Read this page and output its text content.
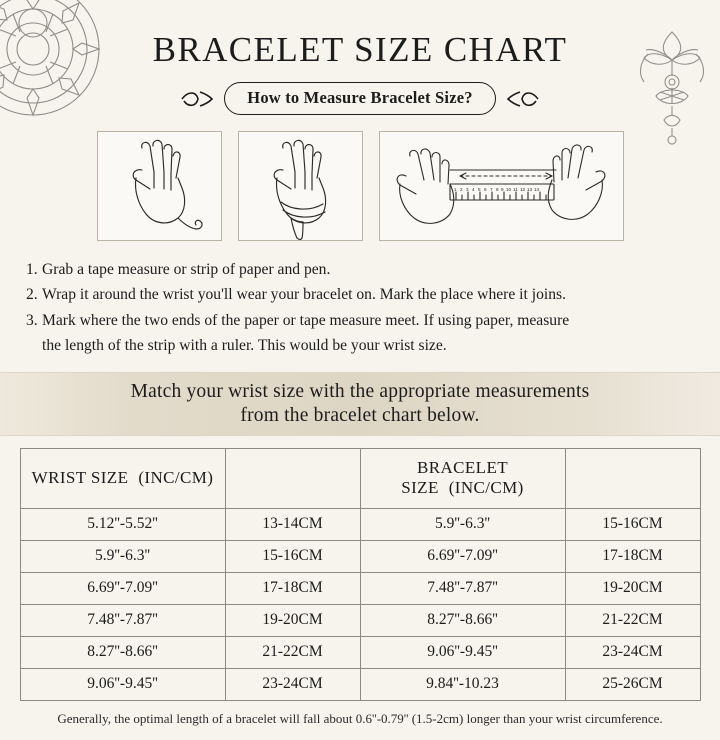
BRACELET SIZE CHART
How to Measure Bracelet Size?
1 2 3 4 5 6 7 8 9 10 11 12 13 14
1. Grab a tape measure or strip of paper and pen.
2. Wrap it around the wrist you'll wear your bracelet on. Mark the place where it joins.
3. Mark where the two ends of the paper or tape measure meet. If using paper, measure
the length of the strip with a ruler. This would be your wrist size.
Match your wrist size with the appropriate measurements
from the bracelet chart below.
WRIST SIZE (INC/CM)		BRACELET SIZE (INC/CM)	
5.12''-5.52''	13-14CM	5.9''-6.3''	15-16CM
5.9''-6.3''	15-16CM	6.69''-7.09''	17-18CM
6.69''-7.09''	17-18CM	7.48''-7.87''	19-20CM
7.48''-7.87''	19-20CM	8.27''-8.66''	21-22CM
8.27''-8.66''	21-22CM	9.06''-9.45''	23-24CM
9.06''-9.45''	23-24CM	9.84''-10.23	25-26CM
Generally, the optimal length of a bracelet will fall about 0.6''-0.79'' (1.5-2cm) longer than your wrist circumference.
